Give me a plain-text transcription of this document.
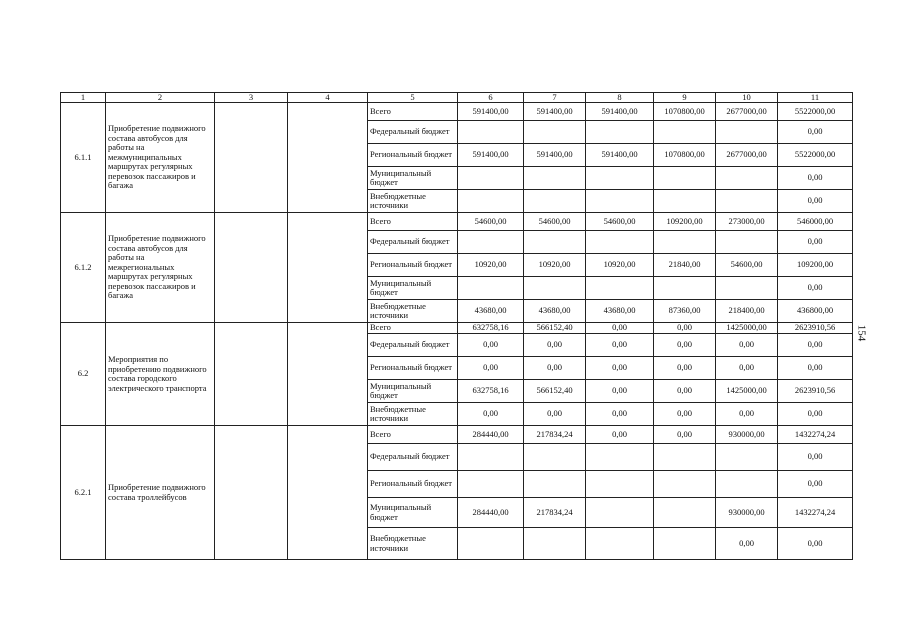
1	2	3	4	5	6	7	8	9	10	11
6.1.1	Приобретение подвижного состава автобусов для работы на межмуниципальных маршрутах регулярных перевозок пассажиров и багажа			Всего	591400,00	591400,00	591400,00	1070800,00	2677000,00	5522000,00
				Федеральный бюджет						0,00
				Региональный бюджет	591400,00	591400,00	591400,00	1070800,00	2677000,00	5522000,00
				Муниципальный бюджет						0,00
				Внебюджетные источники						0,00
6.1.2	Приобретение подвижного состава автобусов для работы на межрегиональных маршрутах регулярных перевозок пассажиров и багажа			Всего	54600,00	54600,00	54600,00	109200,00	273000,00	546000,00
				Федеральный бюджет						0,00
				Региональный бюджет	10920,00	10920,00	10920,00	21840,00	54600,00	109200,00
				Муниципальный бюджет						0,00
				Внебюджетные источники	43680,00	43680,00	43680,00	87360,00	218400,00	436800,00
6.2	Мероприятия по приобретению подвижного состава городского электрического транспорта			Всего	632758,16	566152,40	0,00	0,00	1425000,00	2623910,56
				Федеральный бюджет	0,00	0,00	0,00	0,00	0,00	0,00
				Региональный бюджет	0,00	0,00	0,00	0,00	0,00	0,00
				Муниципальный бюджет	632758,16	566152,40	0,00	0,00	1425000,00	2623910,56
				Внебюджетные источники	0,00	0,00	0,00	0,00	0,00	0,00
6.2.1	Приобретение подвижного состава троллейбусов			Всего	284440,00	217834,24	0,00	0,00	930000,00	1432274,24
				Федеральный бюджет						0,00
				Региональный бюджет						0,00
				Муниципальный бюджет	284440,00	217834,24			930000,00	1432274,24
				Внебюджетные источники					0,00	0,00
154
